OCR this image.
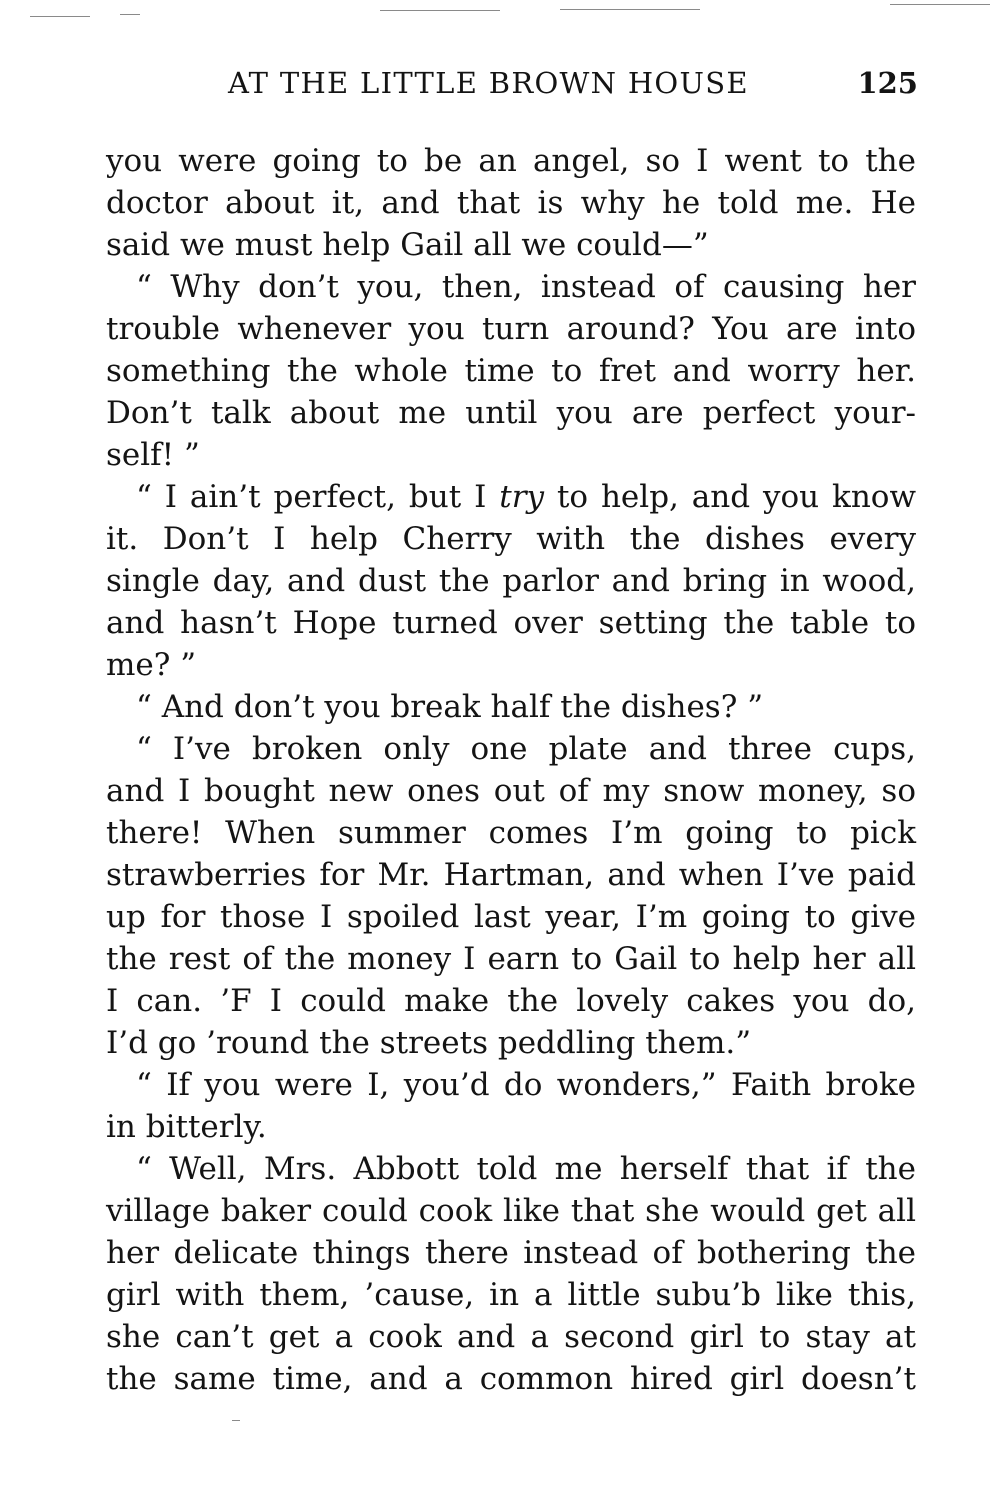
AT THE LITTLE BROWN HOUSE	125
you were going to be an angel, so I went to the
doctor about it, and that is why he told me. He
said we must help Gail all we could—”
“ Why don’t you, then, instead of causing her
trouble whenever you turn around? You are into
something the whole time to fret and worry her.
Don’t talk about me until you are perfect your-
self! ”
“ I ain’t perfect, but I try to help, and you know
it. Don’t I help Cherry with the dishes every
single day, and dust the parlor and bring in wood,
and hasn’t Hope turned over setting the table to
me? ”
“ And don’t you break half the dishes? ”
“ I’ve broken only one plate and three cups,
and I bought new ones out of my snow money, so
there! When summer comes I’m going to pick
strawberries for Mr. Hartman, and when I’ve paid
up for those I spoiled last year, I’m going to give
the rest of the money I earn to Gail to help her all
I can. ’F I could make the lovely cakes you do,
I’d go ’round the streets peddling them.”
“ If you were I, you’d do wonders,” Faith broke
in bitterly.
“ Well, Mrs. Abbott told me herself that if the
village baker could cook like that she would get all
her delicate things there instead of bothering the
girl with them, ’cause, in a little subu’b like this,
she can’t get a cook and a second girl to stay at
the same time, and a common hired girl doesn’t
